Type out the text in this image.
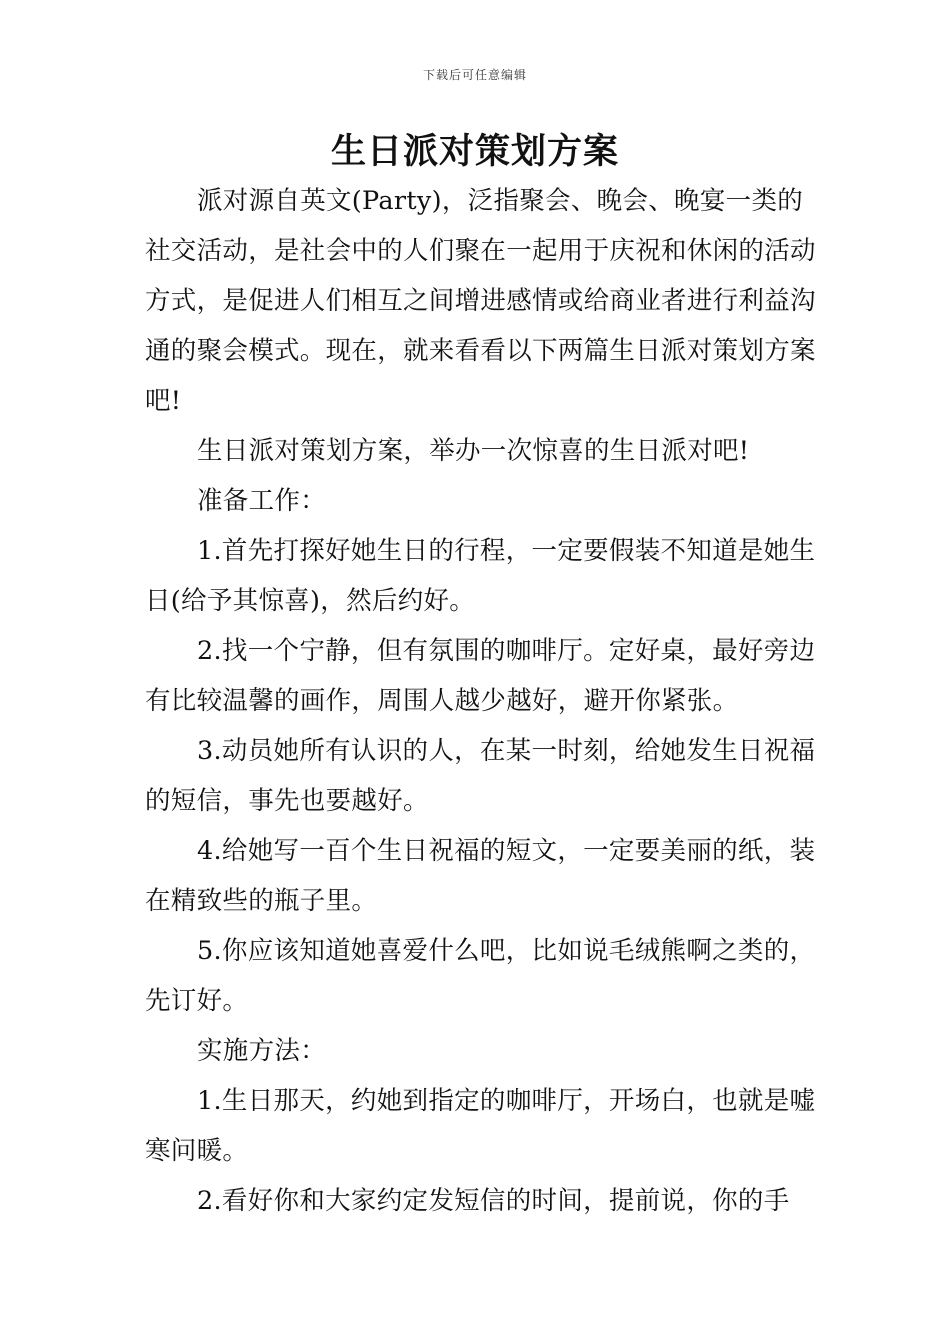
下载后可任意编辑
生日派对策划方案

派对源自英文(Party)，泛指聚会、晚会、晚宴一类的社交活动，是社会中的人们聚在一起用于庆祝和休闲的活动方式，是促进人们相互之间增进感情或给商业者进行利益沟通的聚会模式。现在，就来看看以下两篇生日派对策划方案吧!

生日派对策划方案，举办一次惊喜的生日派对吧!

准备工作：

1.首先打探好她生日的行程，一定要假装不知道是她生日(给予其惊喜)，然后约好。

2.找一个宁静，但有氛围的咖啡厅。定好桌，最好旁边有比较温馨的画作，周围人越少越好，避开你紧张。

3.动员她所有认识的人，在某一时刻，给她发生日祝福的短信，事先也要越好。

4.给她写一百个生日祝福的短文，一定要美丽的纸，装在精致些的瓶子里。

5.你应该知道她喜爱什么吧，比如说毛绒熊啊之类的，先订好。

实施方法：

1.生日那天，约她到指定的咖啡厅，开场白，也就是嘘寒问暖。

2.看好你和大家约定发短信的时间，提前说，你的手
